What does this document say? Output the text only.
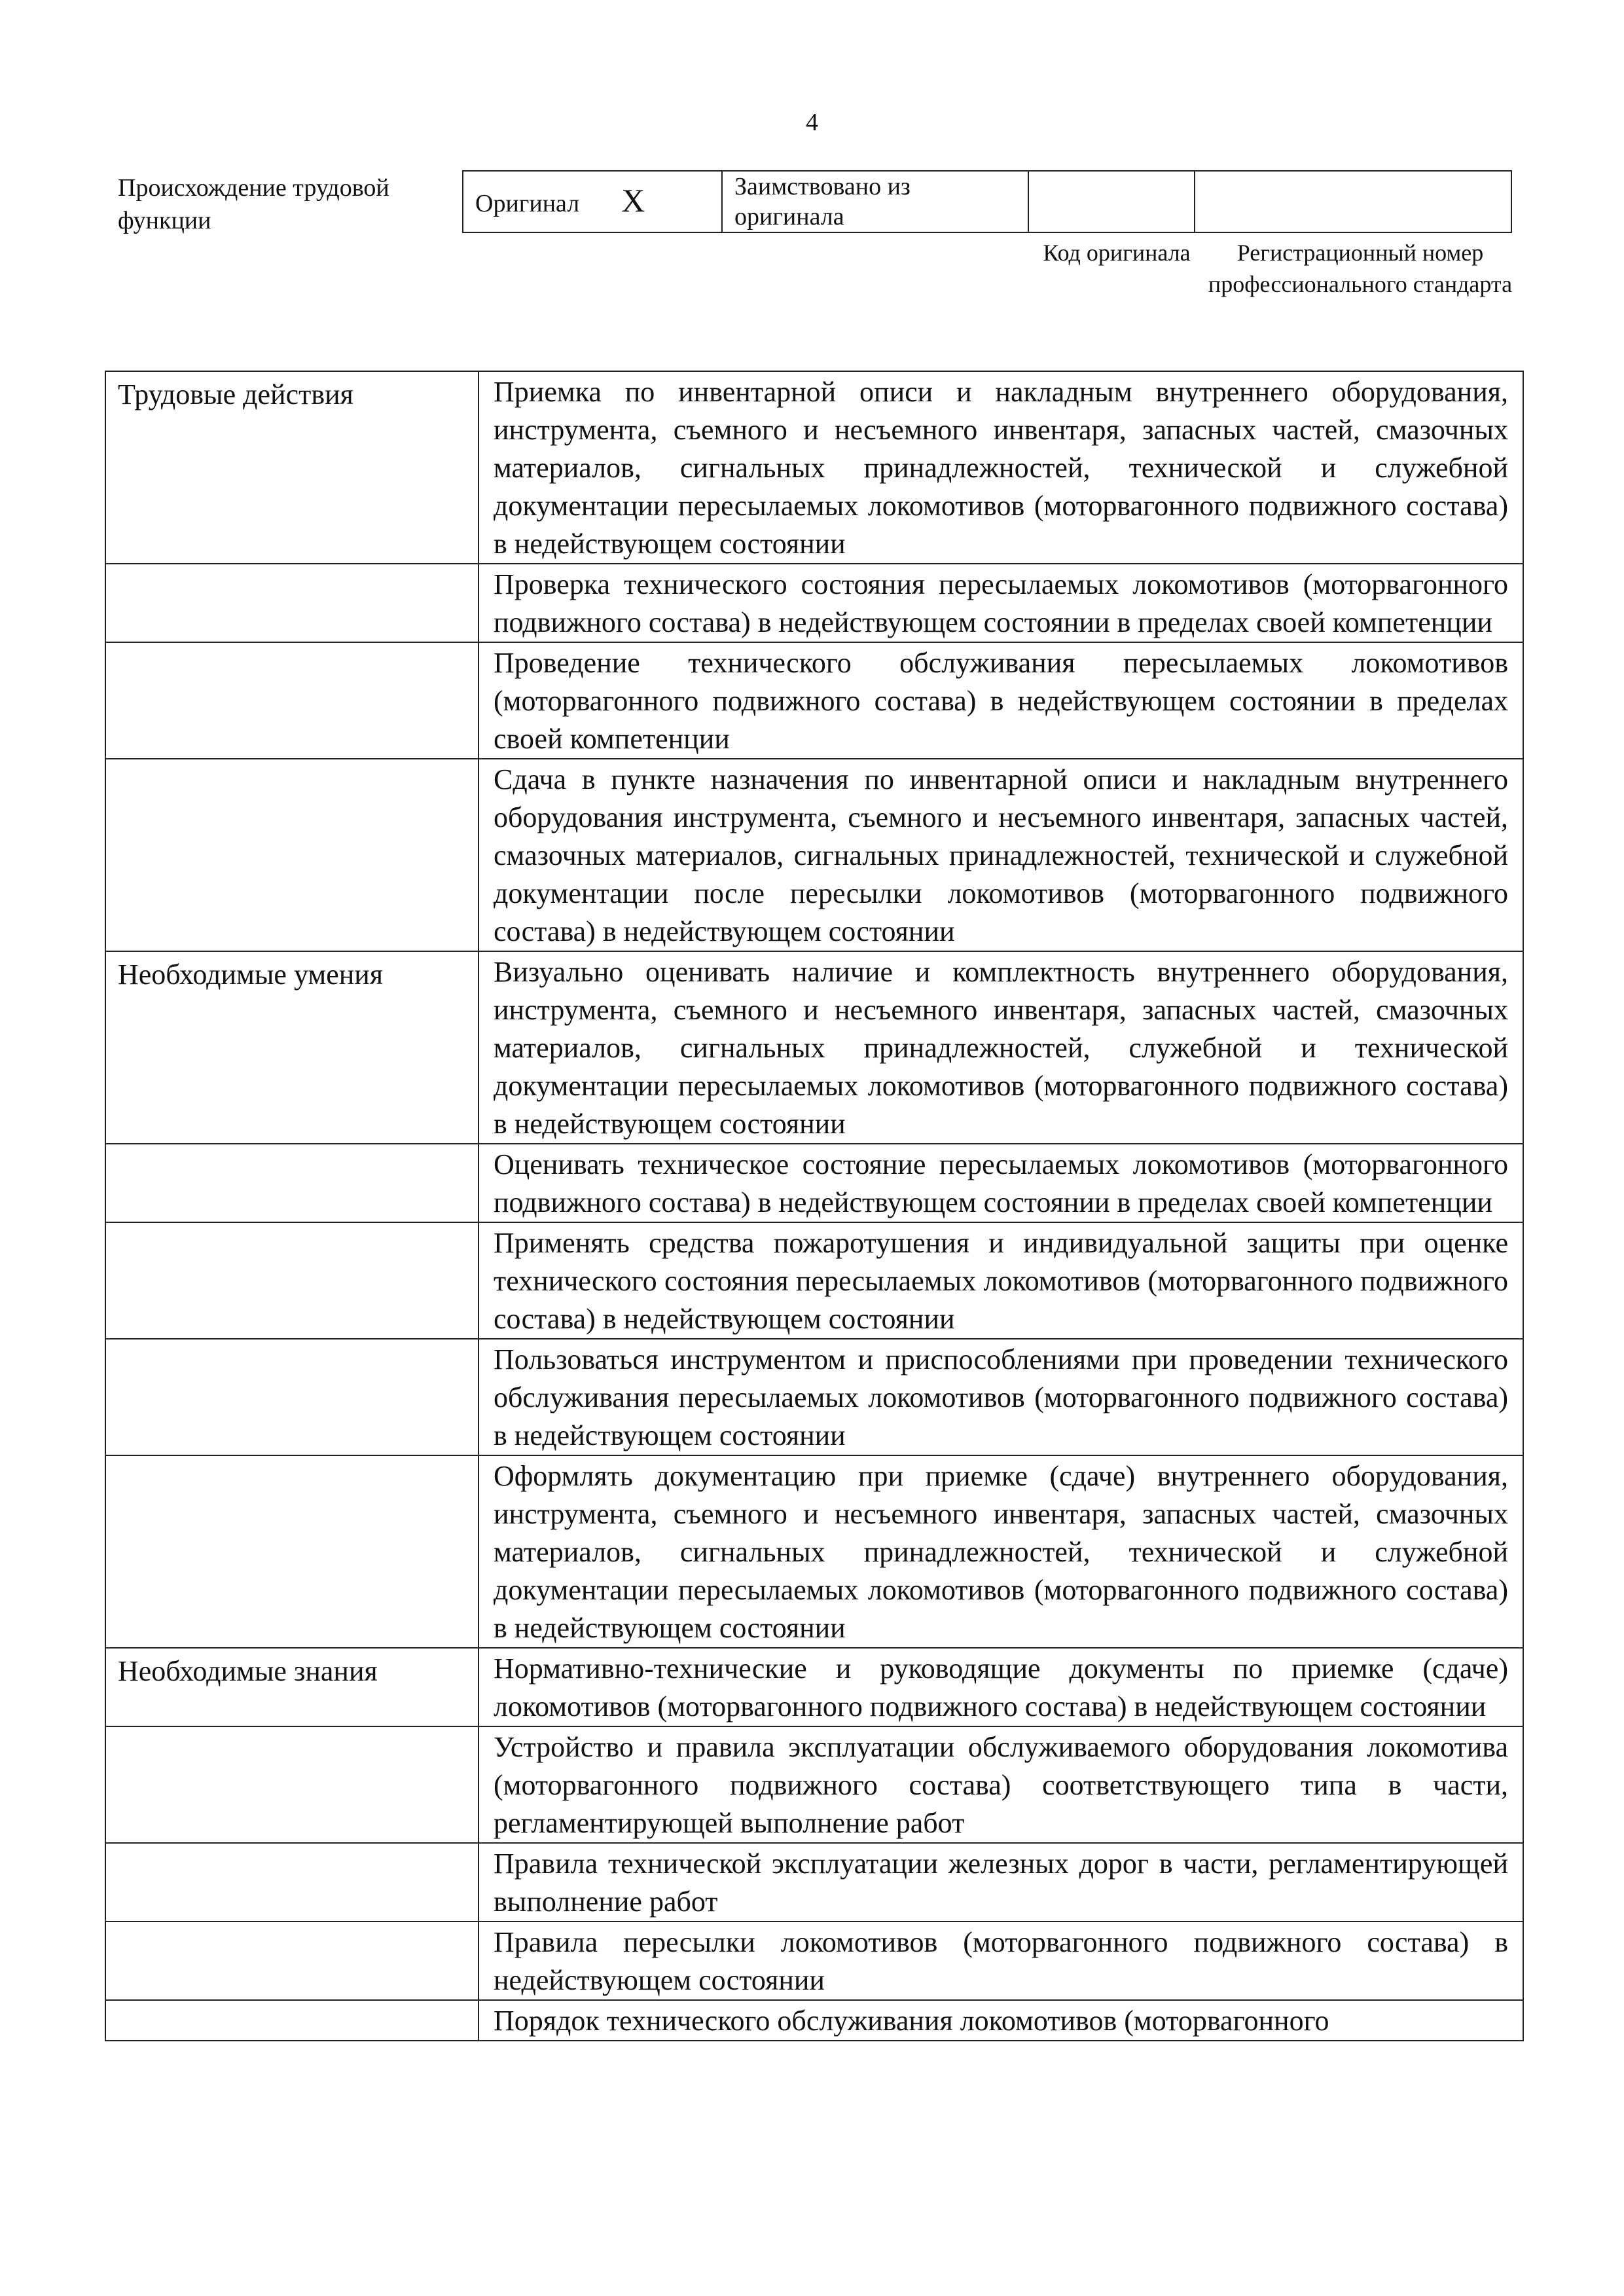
4
Происхождение трудовой функции
Оригинал X	Заимствовано из оригинала		
Код оригинала	Регистрационный номер профессионального стандарта
Трудовые действия	Приемка по инвентарной описи и накладным внутреннего оборудования, инструмента, съемного и несъемного инвентаря, запасных частей, смазочных материалов, сигнальных принадлежностей, технической и служебной документации пересылаемых локомотивов (моторвагонного подвижного состава) в недействующем состоянии
	Проверка технического состояния пересылаемых локомотивов (моторвагонного подвижного состава) в недействующем состоянии в пределах своей компетенции
	Проведение технического обслуживания пересылаемых локомотивов (моторвагонного подвижного состава) в недействующем состоянии в пределах своей компетенции
	Сдача в пункте назначения по инвентарной описи и накладным внутреннего оборудования инструмента, съемного и несъемного инвентаря, запасных частей, смазочных материалов, сигнальных принадлежностей, технической и служебной документации после пересылки локомотивов (моторвагонного подвижного состава) в недействующем состоянии
Необходимые умения	Визуально оценивать наличие и комплектность внутреннего оборудования, инструмента, съемного и несъемного инвентаря, запасных частей, смазочных материалов, сигнальных принадлежностей, служебной и технической документации пересылаемых локомотивов (моторвагонного подвижного состава) в недействующем состоянии
	Оценивать техническое состояние пересылаемых локомотивов (моторвагонного подвижного состава) в недействующем состоянии в пределах своей компетенции
	Применять средства пожаротушения и индивидуальной защиты при оценке технического состояния пересылаемых локомотивов (моторвагонного подвижного состава) в недействующем состоянии
	Пользоваться инструментом и приспособлениями при проведении технического обслуживания пересылаемых локомотивов (моторвагонного подвижного состава) в недействующем состоянии
	Оформлять документацию при приемке (сдаче) внутреннего оборудования, инструмента, съемного и несъемного инвентаря, запасных частей, смазочных материалов, сигнальных принадлежностей, технической и служебной документации пересылаемых локомотивов (моторвагонного подвижного состава) в недействующем состоянии
Необходимые знания	Нормативно-технические и руководящие документы по приемке (сдаче) локомотивов (моторвагонного подвижного состава) в недействующем состоянии
	Устройство и правила эксплуатации обслуживаемого оборудования локомотива (моторвагонного подвижного состава) соответствующего типа в части, регламентирующей выполнение работ
	Правила технической эксплуатации железных дорог в части, регламентирующей выполнение работ
	Правила пересылки локомотивов (моторвагонного подвижного состава) в недействующем состоянии
	Порядок технического обслуживания локомотивов (моторвагонного
